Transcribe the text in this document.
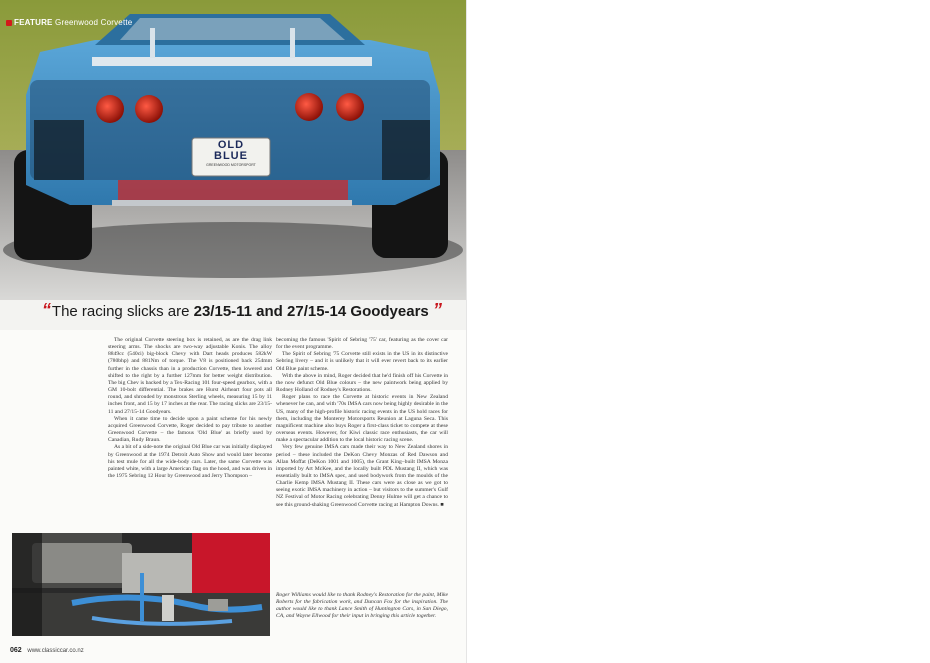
FEATURE Greenwood Corvette
OLD
BLUE
GREENWOOD MOTORSPORT
“ The racing slicks are 23/15-11 and 27/15-14 Goodyears ”

The original Corvette steering box is retained, as are the drag link steering arms. The shocks are two-way adjustable Konis. The alloy 8849cc (540ci) big-block Chevy with Dart heads produces 582kW (780bhp) and 881Nm of torque. The V8 is positioned back 254mm further in the chassis than in a production Corvette, then lowered and shifted to the right by a further 127mm for better weight distribution. The big Chev is backed by a Tex-Racing 101 four-speed gearbox, with a GM 10-bolt differential. The brakes are Hurst Airheart four pots all round, and shrouded by monstrous Sterling wheels, measuring 15 by 11 inches front, and 15 by 17 inches at the rear. The racing slicks are 23/15-11 and 27/15-14 Goodyears.

When it came time to decide upon a paint scheme for his newly acquired Greenwood Corvette, Roger decided to pay tribute to another Greenwood Corvette – the famous 'Old Blue' as briefly used by Canadian, Rudy Braun.

As a bit of a side-note the original Old Blue car was initially displayed by Greenwood at the 1974 Detroit Auto Show and would later become his test mule for all the wide-body cars. Later, the same Corvette was painted white, with a large American flag on the hood, and was driven in the 1975 Sebring 12 Hour by Greenwood and Jerry Thompson –

becoming the famous 'Spirit of Sebring '75' car, featuring as the cover car for the event programme.

The Spirit of Sebring '75 Corvette still exists in the US in its distinctive Sebring livery – and it is unlikely that it will ever revert back to its earlier Old Blue paint scheme.

With the above in mind, Roger decided that he'd finish off his Corvette in the now defunct Old Blue colours – the new paintwork being applied by Rodney Holland of Rodney's Restorations.

Roger plans to race the Corvette at historic events in New Zealand whenever he can, and with '70s IMSA cars now being highly desirable in the US, many of the high-profile historic racing events in the US hold races for them, including the Monterey Motorsports Reunion at Laguna Seca. This magnificent machine also buys Roger a first-class ticket to compete at these overseas events. However, for Kiwi classic race enthusiasts, the car will make a spectacular addition to the local historic racing scene.

Very few genuine IMSA cars made their way to New Zealand shores in period – these included the DeKon Chevy Monzas of Red Dawson and Allan Moffat (DeKon 1001 and 1005), the Grant King–built IMSA Monza imported by Art McKee, and the locally built PDL Mustang II, which was essentially built to IMSA spec, and used bodywork from the moulds of the Charlie Kemp IMSA Mustang II. These cars were as close as we got to seeing exotic IMSA machinery in action – but visitors to the summer's Gulf NZ Festival of Motor Racing celebrating Denny Hulme will get a chance to see this ground-shaking Greenwood Corvette racing at Hampton Downs. ■

Roger Williams would like to thank Rodney's Restoration for the paint, Mike Roberts for the fabrication work, and Duncan Fox for the inspiration. The author would like to thank Lance Smith of Huntington Cars, in San Diego, CA, and Wayne Ellwood for their input in bringing this article together.
062 www.classiccar.co.nz
